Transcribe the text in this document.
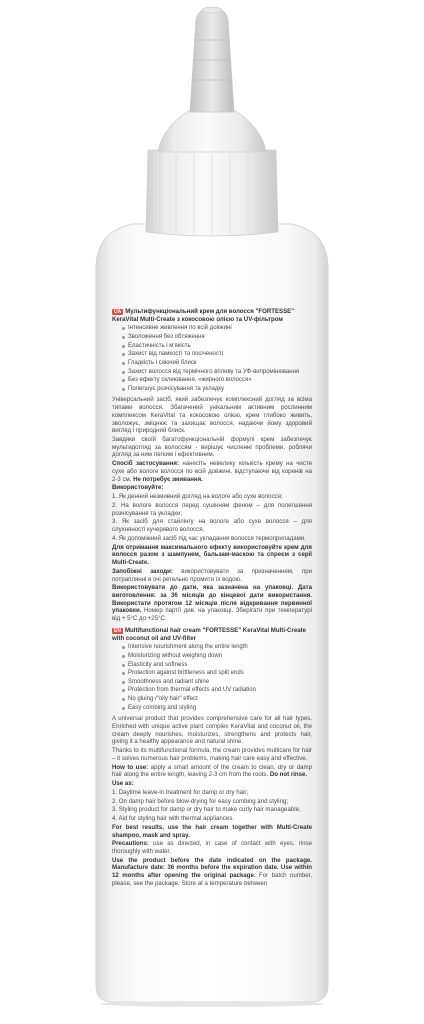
UA Мультифункціональний крем для волосся "FORTESSE" KeraVital Multi-Create з кокосовою олією та UV-фільтром
Інтенсивне живлення по всій довжині
Зволоження без обтяження
Еластичність і м'якість
Захист від ламкості та посіченості
Гладкість і сяючий блиск
Захист волосся від термічного впливу та УФ-випромінювання
Без ефекту склеювання, «жирного волосся»
Полегшує розчісування та укладку

Універсальний засіб, який забезпечує комплексний догляд за всіма типами волосся. Збагачений унікальним активним рослинним комплексом KeraVital та кокосовою олією, крем глибоко живить, зволожує, зміцнює та захищає волосся, надаючи йому здоровий вигляд і природний блиск.

Завдяки своїй багатофункціональній формулі крем забезпечує мультидогляд за волоссям - вирішує численні проблеми, роблячи догляд за ним легким і ефективним.

Спосіб застосування: нанесіть невелику кількість крему на чисте сухе або вологе волосся по всій довжині, відступаючи від коренів на 2-3 см. Не потребує змивання.

Використовуйте:

1. Як денний незмивний догляд на вологе або сухе волосся;

2. На вологе волосся перед сушінням феном – для полегшення розчісування та укладки;

3. Як засіб для стайлінгу на вологе або сухе волосся – для слухняності кучерявого волосся,

4. Як допоміжний засіб під час укладання волосся термоприладами.

Для отримання максимального ефекту використовуйте крем для волосся разом з шампунем, бальзам-маскою та спреєм з серії Multi-Create.

Запобіжні заходи: використовувати за призначенням, при потраплянні в очі ретельно промити їх водою.

Використовувати до дати, яка зазначена на упаковці. Дата виготовлення: за 36 місяців до кінцевої дати використання. Використати протягом 12 місяців після відкривання первинної упаковки. Номер партії див. на упаковці. Зберігати при температурі від + 5°С до +25°С.

EN Multifunctional hair cream "FORTESSE" KeraVital Multi-Create with coconut oil and UV-filter
Intensive nourishment along the entire length
Moisturizing without weighing down
Elasticity and softness
Protection against brittleness and split ends
Smoothness and radiant shine
Protection from thermal effects and UV radiation
No gluing /"oily hair" effect
Easy combing and styling

A universal product that provides comprehensive care for all hair types. Enriched with unique active plant complex KeraVital and coconut oil, the cream deeply nourishes, moisturizes, strengthens and protects hair, giving it a healthy appearance and natural shine.

Thanks to its multifunctional formula, the cream provides multicare for hair – it solves numerous hair problems, making hair care easy and effective.

How to use: apply a small amount of the cream to clean, dry or damp hair along the entire length, leaving 2-3 cm from the roots. Do not rinse.

Use as:

1. Daytime leave-in treatment for damp or dry hair;

2. On damp hair before blow-drying for easy combing and styling;

3. Styling product for damp or dry hair to make curly hair manageable,

4. Aid for styling hair with thermal appliances.

For best results, use the hair cream together with Multi-Create shampoo, mask and spray.

Precautions: use as directed, in case of contact with eyes, rinse thoroughly with water.

Use the product before the date indicated on the package. Manufacture date: 36 months before the expiration date. Use within 12 months after opening the original package. For batch number, please, see the package. Store at a temperature between
